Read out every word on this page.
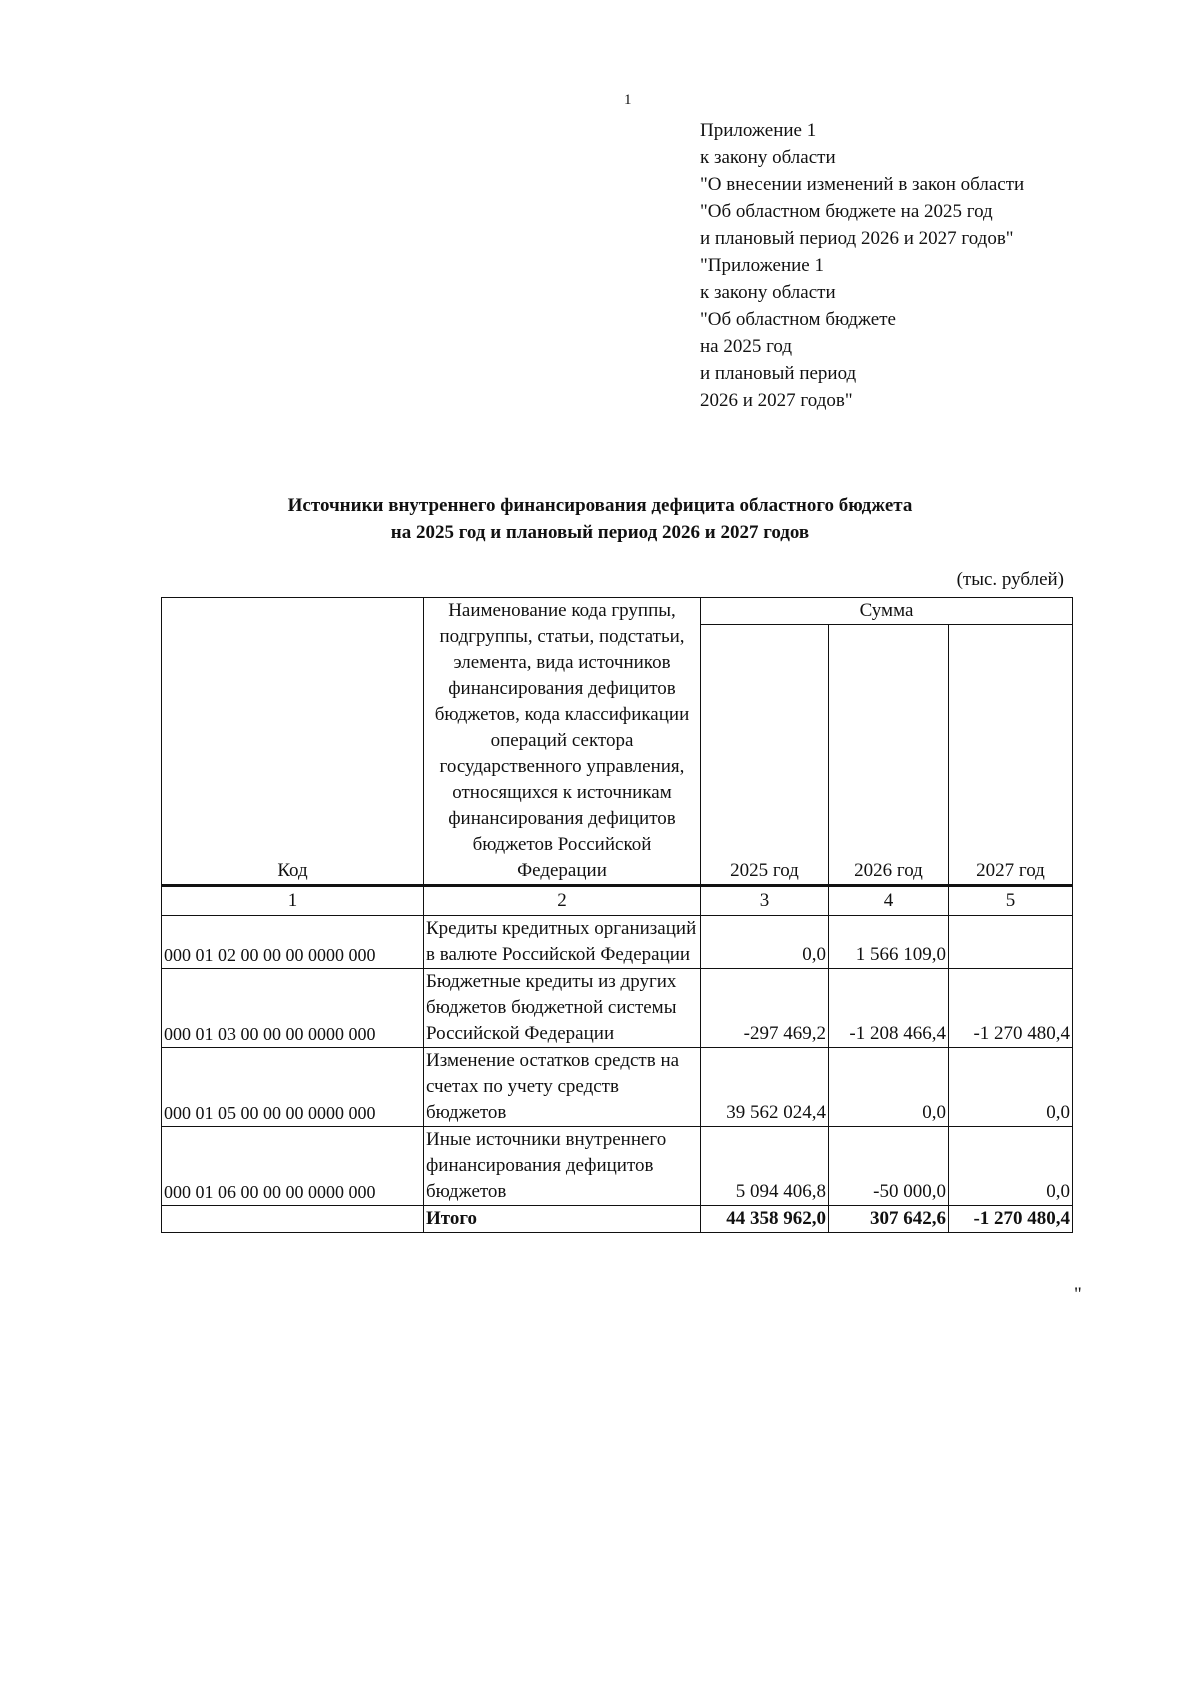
1
Приложение 1
к закону области
"О внесении изменений в закон области
"Об областном бюджете на 2025 год
и плановый период 2026 и 2027 годов"
"Приложение 1
к закону области
"Об областном бюджете
на 2025 год
и плановый период
2026 и 2027 годов"
Источники внутреннего финансирования дефицита областного бюджета
на 2025 год и плановый период 2026 и 2027 годов
(тыс. рублей)
Код	Наименование кода группы, подгруппы, статьи, подстатьи, элемента, вида источников финансирования дефицитов бюджетов, кода классификации операций сектора государственного управления, относящихся к источникам финансирования дефицитов бюджетов Российской Федерации	Сумма		
		2025 год	2026 год	2027 год
1	2	3	4	5
000 01 02 00 00 00 0000 000	Кредиты кредитных организаций в валюте Российской Федерации	0,0	1 566 109,0	
000 01 03 00 00 00 0000 000	Бюджетные кредиты из других бюджетов бюджетной системы Российской Федерации	-297 469,2	-1 208 466,4	-1 270 480,4
000 01 05 00 00 00 0000 000	Изменение остатков средств на счетах по учету средств бюджетов	39 562 024,4	0,0	0,0
000 01 06 00 00 00 0000 000	Иные источники внутреннего финансирования дефицитов бюджетов	5 094 406,8	-50 000,0	0,0
	Итого	44 358 962,0	307 642,6	-1 270 480,4
"
